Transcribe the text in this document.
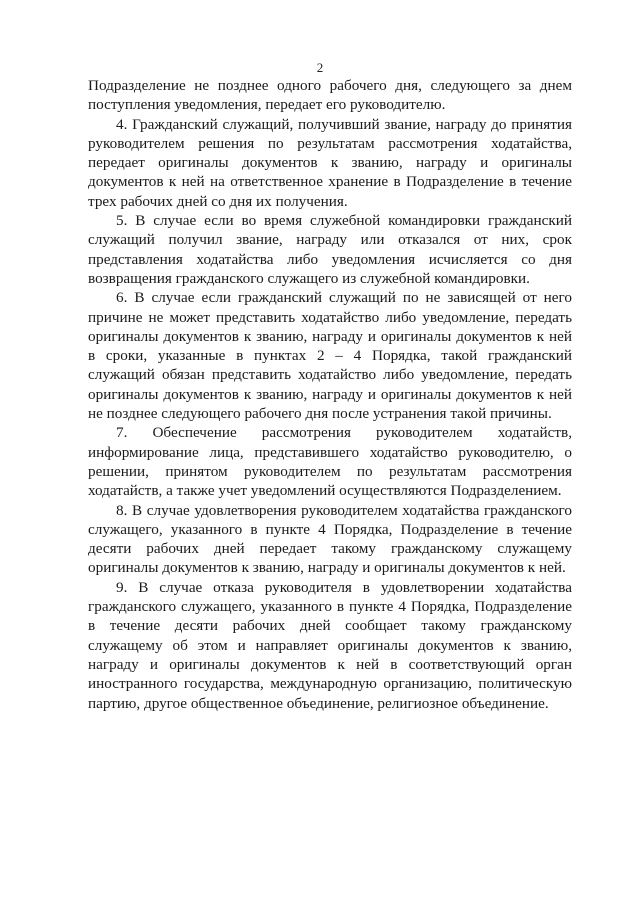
2

Подразделение не позднее одного рабочего дня, следующего за днем поступления уведомления, передает его руководителю.

4. Гражданский служащий, получивший звание, награду до принятия руководителем решения по результатам рассмотрения ходатайства, передает оригиналы документов к званию, награду и оригиналы документов к ней на ответственное хранение в Подразделение в течение трех рабочих дней со дня их получения.

5. В случае если во время служебной командировки гражданский служащий получил звание, награду или отказался от них, срок представления ходатайства либо уведомления исчисляется со дня возвращения гражданского служащего из служебной командировки.

6. В случае если гражданский служащий по не зависящей от него причине не может представить ходатайство либо уведомление, передать оригиналы документов к званию, награду и оригиналы документов к ней в сроки, указанные в пунктах 2 – 4 Порядка, такой гражданский служащий обязан представить ходатайство либо уведомление, передать оригиналы документов к званию, награду и оригиналы документов к ней не позднее следующего рабочего дня после устранения такой причины.

7. Обеспечение рассмотрения руководителем ходатайств, информирование лица, представившего ходатайство руководителю, о решении, принятом руководителем по результатам рассмотрения ходатайств, а также учет уведомлений осуществляются Подразделением.

8. В случае удовлетворения руководителем ходатайства гражданского служащего, указанного в пункте 4 Порядка, Подразделение в течение десяти рабочих дней передает такому гражданскому служащему оригиналы документов к званию, награду и оригиналы документов к ней.

9. В случае отказа руководителя в удовлетворении ходатайства гражданского служащего, указанного в пункте 4 Порядка, Подразделение в течение десяти рабочих дней сообщает такому гражданскому служащему об этом и направляет оригиналы документов к званию, награду и оригиналы документов к ней в соответствующий орган иностранного государства, международную организацию, политическую партию, другое общественное объединение, религиозное объединение.
